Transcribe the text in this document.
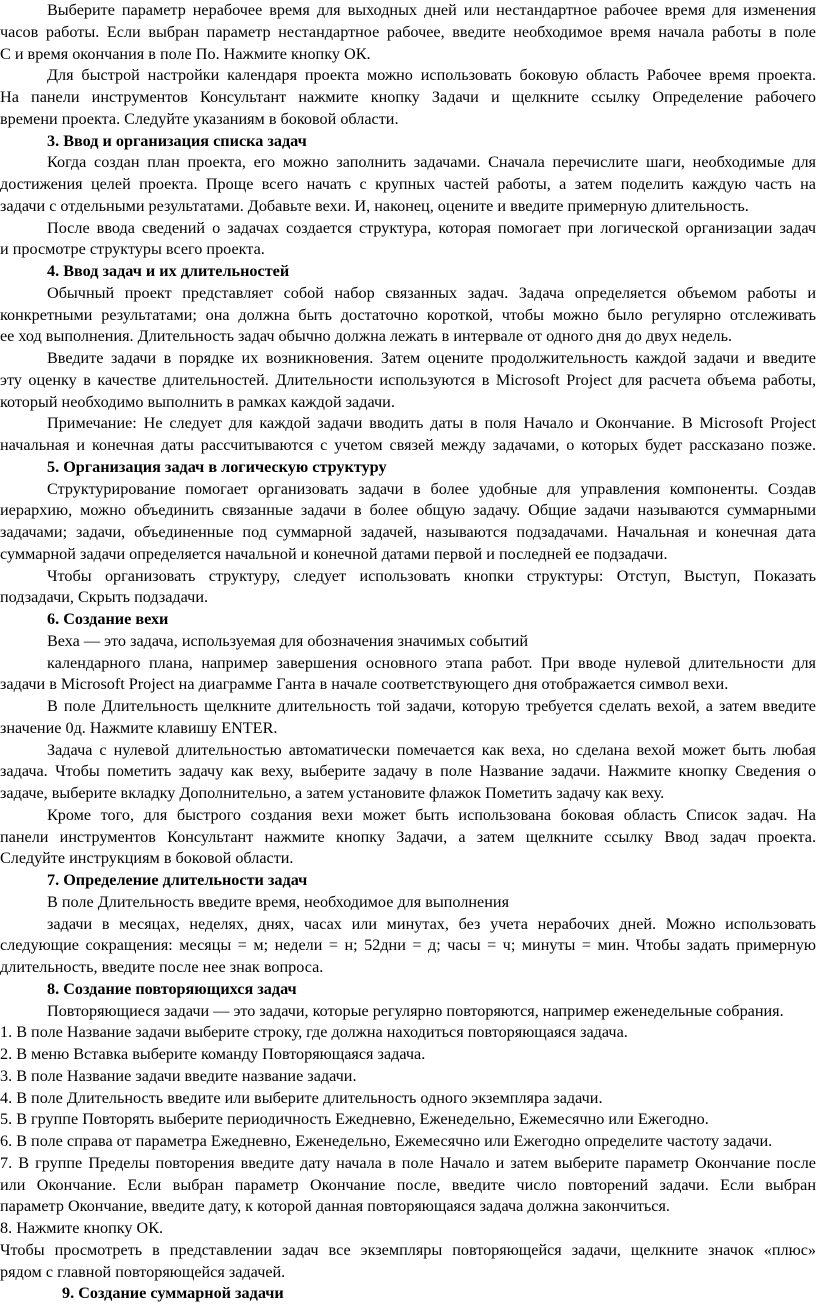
Выберите параметр нерабочее время для выходных дней или нестандартное рабочее время для изменения
часов работы. Если выбран параметр нестандартное рабочее, введите необходимое время начала работы в поле
С и время окончания в поле По. Нажмите кнопку ОК.
Для быстрой настройки календаря проекта можно использовать боковую область Рабочее время проекта.
На панели инструментов Консультант нажмите кнопку Задачи и щелкните ссылку Определение рабочего
времени проекта. Следуйте указаниям в боковой области.
3. Ввод и организация списка задач
Когда создан план проекта, его можно заполнить задачами. Сначала перечислите шаги, необходимые для
достижения целей проекта. Проще всего начать с крупных частей работы, а затем поделить каждую часть на
задачи с отдельными результатами. Добавьте вехи. И, наконец, оцените и введите примерную длительность.
После ввода сведений о задачах создается структура, которая помогает при логической организации задач
и просмотре структуры всего проекта.
4. Ввод задач и их длительностей
Обычный проект представляет собой набор связанных задач. Задача определяется объемом работы и
конкретными результатами; она должна быть достаточно короткой, чтобы можно было регулярно отслеживать
ее ход выполнения. Длительность задач обычно должна лежать в интервале от одного дня до двух недель.
Введите задачи в порядке их возникновения. Затем оцените продолжительность каждой задачи и введите
эту оценку в качестве длительностей. Длительности используются в Microsoft Project для расчета объема работы,
который необходимо выполнить в рамках каждой задачи.
Примечание: Не следует для каждой задачи вводить даты в поля Начало и Окончание. В Microsoft Project
начальная и конечная даты рассчитываются с учетом связей между задачами, о которых будет рассказано позже.
5. Организация задач в логическую структуру
Структурирование помогает организовать задачи в более удобные для управления компоненты. Создав
иерархию, можно объединить связанные задачи в более общую задачу. Общие задачи называются суммарными
задачами; задачи, объединенные под суммарной задачей, называются подзадачами. Начальная и конечная дата
суммарной задачи определяется начальной и конечной датами первой и последней ее подзадачи.
Чтобы организовать структуру, следует использовать кнопки структуры: Отступ, Выступ, Показать
подзадачи, Скрыть подзадачи.
6. Создание вехи
Веха — это задача, используемая для обозначения значимых событий
календарного плана, например завершения основного этапа работ. При вводе нулевой длительности для
задачи в Microsoft Project на диаграмме Ганта в начале соответствующего дня отображается символ вехи.
В поле Длительность щелкните длительность той задачи, которую требуется сделать вехой, а затем введите
значение 0д. Нажмите клавишу ENTER.
Задача с нулевой длительностью автоматически помечается как веха, но сделана вехой может быть любая
задача. Чтобы пометить задачу как веху, выберите задачу в поле Название задачи. Нажмите кнопку Сведения о
задаче, выберите вкладку Дополнительно, а затем установите флажок Пометить задачу как веху.
Кроме того, для быстрого создания вехи может быть использована боковая область Список задач. На
панели инструментов Консультант нажмите кнопку Задачи, а затем щелкните ссылку Ввод задач проекта.
Следуйте инструкциям в боковой области.
7. Определение длительности задач
В поле Длительность введите время, необходимое для выполнения
задачи в месяцах, неделях, днях, часах или минутах, без учета нерабочих дней. Можно использовать
следующие сокращения: месяцы = м; недели = н; 52дни = д; часы = ч; минуты = мин. Чтобы задать примерную
длительность, введите после нее знак вопроса.
8. Создание повторяющихся задач
Повторяющиеся задачи — это задачи, которые регулярно повторяются, например еженедельные собрания.
1. В поле Название задачи выберите строку, где должна находиться повторяющаяся задача.
2. В меню Вставка выберите команду Повторяющаяся задача.
3. В поле Название задачи введите название задачи.
4. В поле Длительность введите или выберите длительность одного экземпляра задачи.
5. В группе Повторять выберите периодичность Ежедневно, Еженедельно, Ежемесячно или Ежегодно.
6. В поле справа от параметра Ежедневно, Еженедельно, Ежемесячно или Ежегодно определите частоту задачи.
7. В группе Пределы повторения введите дату начала в поле Начало и затем выберите параметр Окончание после
или Окончание. Если выбран параметр Окончание после, введите число повторений задачи. Если выбран
параметр Окончание, введите дату, к которой данная повторяющаяся задача должна закончиться.
8. Нажмите кнопку ОК.
Чтобы просмотреть в представлении задач все экземпляры повторяющейся задачи, щелкните значок «плюс»
рядом с главной повторяющейся задачей.
9. Создание суммарной задачи
